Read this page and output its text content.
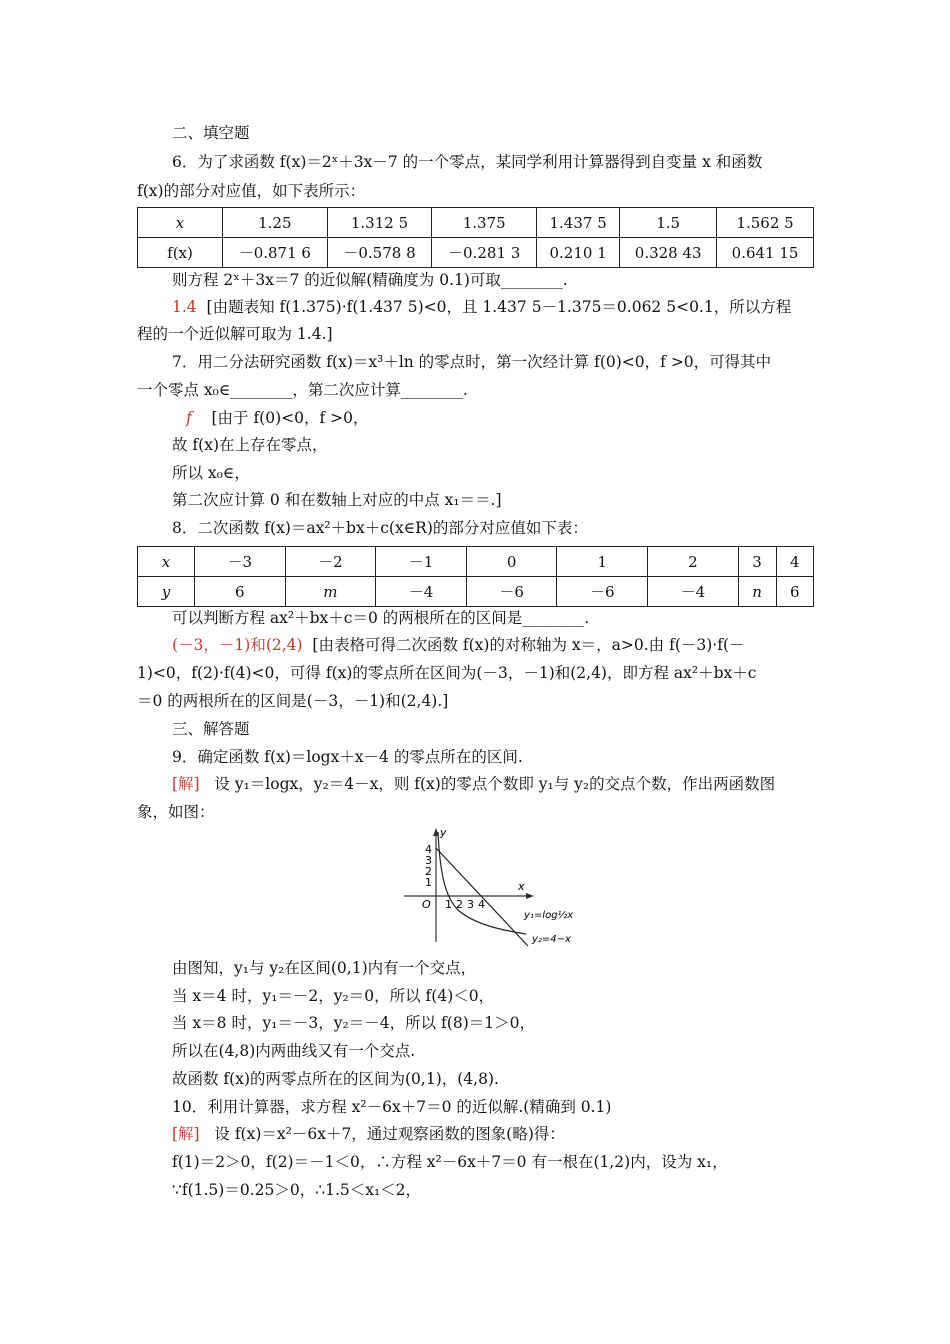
二、填空题
6．为了求函数 f(x)＝2ˣ＋3x－7 的一个零点，某同学利用计算器得到自变量 x 和函数
f(x)的部分对应值，如下表所示：
x	1.25	1.312 5	1.375	1.437 5	1.5	1.562 5
f(x)	－0.871 6	－0.578 8	－0.281 3	0.210 1	0.328 43	0.641 15
则方程 2ˣ＋3x＝7 的近似解(精确度为 0.1)可取________.
1.4 [由题表知 f(1.375)·f(1.437 5)<0，且 1.437 5－1.375＝0.062 5<0.1，所以方程
程的一个近似解可取为 1.4.]
7．用二分法研究函数 f(x)＝x³＋ln 的零点时，第一次经计算 f(0)<0，f >0，可得其中
一个零点 x₀∈________，第二次应计算________.
f [由于 f(0)<0，f >0，
故 f(x)在上存在零点，
所以 x₀∈，
第二次应计算 0 和在数轴上对应的中点 x₁＝＝.]
8．二次函数 f(x)＝ax²＋bx＋c(x∈R)的部分对应值如下表：
x	－3	－2	－1	0	1	2	3	4
y	6	m	－4	－6	－6	－4	n	6
可以判断方程 ax²＋bx＋c＝0 的两根所在的区间是________.
(－3，－1)和(2,4) [由表格可得二次函数 f(x)的对称轴为 x＝，a>0.由 f(－3)·f(－
1)<0，f(2)·f(4)<0，可得 f(x)的零点所在区间为(－3，－1)和(2,4)，即方程 ax²＋bx＋c
＝0 的两根所在的区间是(－3，－1)和(2,4).]
三、解答题
9．确定函数 f(x)＝logx＋x－4 的零点所在的区间.
[解] 设 y₁＝logx，y₂＝4－x，则 f(x)的零点个数即 y₁与 y₂的交点个数，作出两函数图
象，如图：
y
x
O
1
2
3
4
1 2 3 4
y₁=log½x
y₂=4−x
由图知，y₁与 y₂在区间(0,1)内有一个交点，
当 x＝4 时，y₁＝－2，y₂＝0，所以 f(4)＜0，
当 x＝8 时，y₁＝－3，y₂＝－4，所以 f(8)＝1＞0，
所以在(4,8)内两曲线又有一个交点.
故函数 f(x)的两零点所在的区间为(0,1)，(4,8).
10．利用计算器，求方程 x²－6x＋7＝0 的近似解.(精确到 0.1)
[解] 设 f(x)＝x²－6x＋7，通过观察函数的图象(略)得：
f(1)＝2＞0，f(2)＝－1＜0，∴方程 x²－6x＋7＝0 有一根在(1,2)内，设为 x₁，
∵f(1.5)＝0.25＞0，∴1.5＜x₁＜2，
